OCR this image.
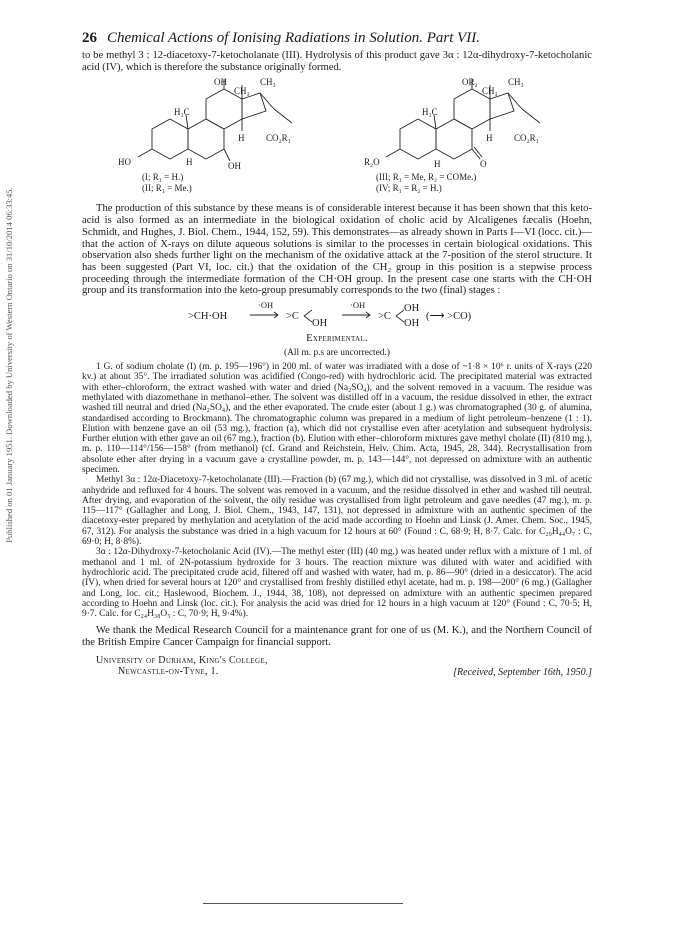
Published on 01 January 1951. Downloaded by University of Western Ontario on 31/10/2014 06:33:45.
26 Chemical Actions of Ionising Radiations in Solution. Part VII.

to be methyl 3 : 12-diacetoxy-7-ketocholanate (III). Hydrolysis of this product gave 3α : 12α-dihydroxy-7-ketocholanic acid (IV), which is therefore the substance originally formed.

OH
CH₃
CH₃
H₃C
H CO₂R₁
HO	H	OH
(I; R₁ = H.)
(II; R₁ = Me.)
OR₂
CH₃
CH₃
H₃C
H CO₂R₁
R₂O	H	O
(III; R₁ = Me, R₂ = COMe.)
(IV; R₁ = R₂ = H.)

The production of this substance by these means is of considerable interest because it has been shown that this keto-acid is also formed as an intermediate in the biological oxidation of cholic acid by Alcaligenes fæcalis (Hoehn, Schmidt, and Hughes, J. Biol. Chem., 1944, 152, 59). This demonstrates—as already shown in Parts I—VI (locc. cit.)—that the action of X-rays on dilute aqueous solutions is similar to the processes in certain biological oxidations. This observation also sheds further light on the mechanism of the oxidative attack at the 7-position of the sterol structure. It has been suggested (Part VI, loc. cit.) that the oxidation of the CH₂ group in this position is a stepwise process proceeding through the intermediate formation of the CH·OH group. In the present case one starts with the CH·OH group and its transformation into the keto-group presumably corresponds to the two (final) stages :

>CH·OH
·OH
>C
OH
·OH
>C
OH
OH
(⟶ >CO)

Experimental.

(All m. p.s are uncorrected.)

1 G. of sodium cholate (I) (m. p. 195—196°) in 200 ml. of water was irradiated with a dose of ~1·8 × 10⁶ r. units of X-rays (220 kv.) at about 35°. The irradiated solution was acidified (Congo-red) with hydrochloric acid. The precipitated material was extracted with ether–chloroform, the extract washed with water and dried (Na₂SO₄), and the solvent removed in a vacuum. The residue was methylated with diazomethane in methanol–ether. The solvent was distilled off in a vacuum, the residue dissolved in ether, the extract washed till neutral and dried (Na₂SO₄), and the ether evaporated. The crude ester (about 1 g.) was chromatographed (30 g. of alumina, standardised according to Brockmann). The chromatographic column was prepared in a medium of light petroleum–benzene (1 : 1). Elution with benzene gave an oil (53 mg.), fraction (a), which did not crystallise even after acetylation and subsequent hydrolysis. Further elution with ether gave an oil (67 mg.), fraction (b). Elution with ether–chloroform mixtures gave methyl cholate (II) (810 mg.), m. p. 110—114°/156—158° (from methanol) (cf. Grand and Reichstein, Helv. Chim. Acta, 1945, 28, 344). Recrystallisation from absolute ether after drying in a vacuum gave a crystalline powder, m. p. 143—144°, not depressed on admixture with an authentic specimen.

Methyl 3α : 12α-Diacetoxy-7-ketocholanate (III).—Fraction (b) (67 mg.), which did not crystallise, was dissolved in 3 ml. of acetic anhydride and refluxed for 4 hours. The solvent was removed in a vacuum, and the residue dissolved in ether and washed till neutral. After drying, and evaporation of the solvent, the oily residue was crystallised from light petroleum and gave needles (47 mg.), m. p. 115—117° (Gallagher and Long, J. Biol. Chem., 1943, 147, 131), not depressed in admixture with an authentic specimen of the diacetoxy-ester prepared by methylation and acetylation of the acid made according to Hoehn and Linsk (J. Amer. Chem. Soc., 1945, 67, 312). For analysis the substance was dried in a high vacuum for 12 hours at 60° (Found : C, 68·9; H, 8·7. Calc. for C₂₉H₄₄O₇ : C, 69·0; H, 8·8%).

3α : 12α-Dihydroxy-7-ketocholanic Acid (IV).—The methyl ester (III) (40 mg.) was heated under reflux with a mixture of 1 ml. of methanol and 1 ml. of 2N-potassium hydroxide for 3 hours. The reaction mixture was diluted with water and acidified with hydrochloric acid. The precipitated crude acid, filtered off and washed with water, had m. p. 86—90° (dried in a desiccator). The acid (IV), when dried for several hours at 120° and crystallised from freshly distilled ethyl acetate, had m. p. 198—200° (6 mg.) (Gallagher and Long, loc. cit.; Haslewood, Biochem. J., 1944, 38, 108), not depressed on admixture with an authentic specimen prepared according to Hoehn and Linsk (loc. cit.). For analysis the acid was dried for 12 hours in a high vacuum at 120° (Found : C, 70·5; H, 9·7. Calc. for C₂₄H₃₈O₅ : C, 70·9; H, 9·4%).

We thank the Medical Research Council for a maintenance grant for one of us (M. K.), and the Northern Council of the British Empire Cancer Campaign for financial support.

University of Durham, King's College,
Newcastle-on-Tyne, 1.	[Received, September 16th, 1950.]
